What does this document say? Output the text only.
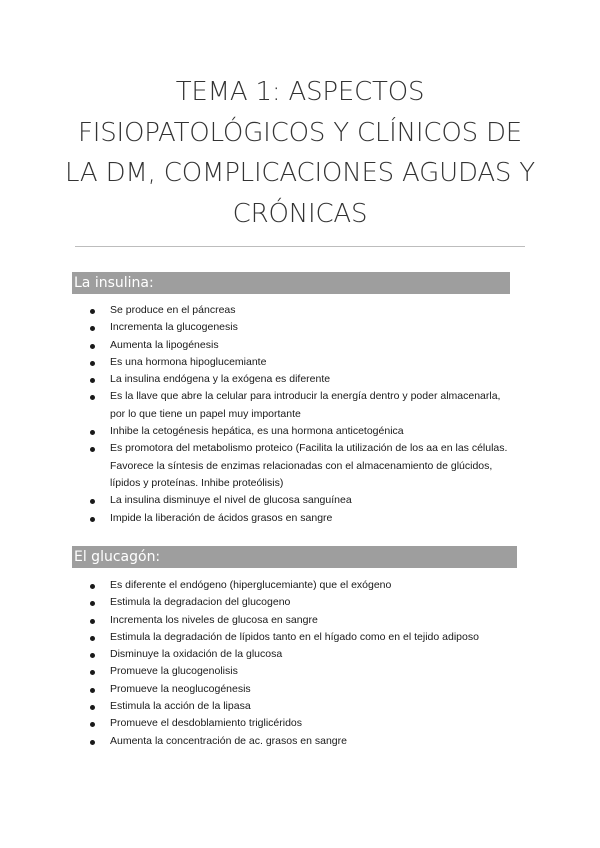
TEMA 1: ASPECTOS FISIOPATOLÓGICOS Y CLÍNICOS DE LA DM, COMPLICACIONES AGUDAS Y CRÓNICAS
La insulina:
Se produce en el páncreas
Incrementa la glucogenesis
Aumenta la lipogénesis
Es una hormona hipoglucemiante
La insulina endógena y la exógena es diferente
Es la llave que abre la celular para introducir la energía dentro y poder almacenarla, por lo que tiene un papel muy importante
Inhibe la cetogénesis hepática, es una hormona anticetogénica
Es promotora del metabolismo proteico (Facilita la utilización de los aa en las células. Favorece la síntesis de enzimas relacionadas con el almacenamiento de glúcidos, lípidos y proteínas. Inhibe proteólisis)
La insulina disminuye el nivel de glucosa sanguínea
Impide la liberación de ácidos grasos en sangre
El glucagón:
Es diferente el endógeno (hiperglucemiante) que el exógeno
Estimula la degradacion del glucogeno
Incrementa los niveles de glucosa en sangre
Estimula la degradación de lípidos tanto en el hígado como en el tejido adiposo
Disminuye la oxidación de la glucosa
Promueve la glucogenolisis
Promueve la neoglucogénesis
Estimula la acción de la lipasa
Promueve el desdoblamiento triglicéridos
Aumenta la concentración de ac. grasos en sangre
